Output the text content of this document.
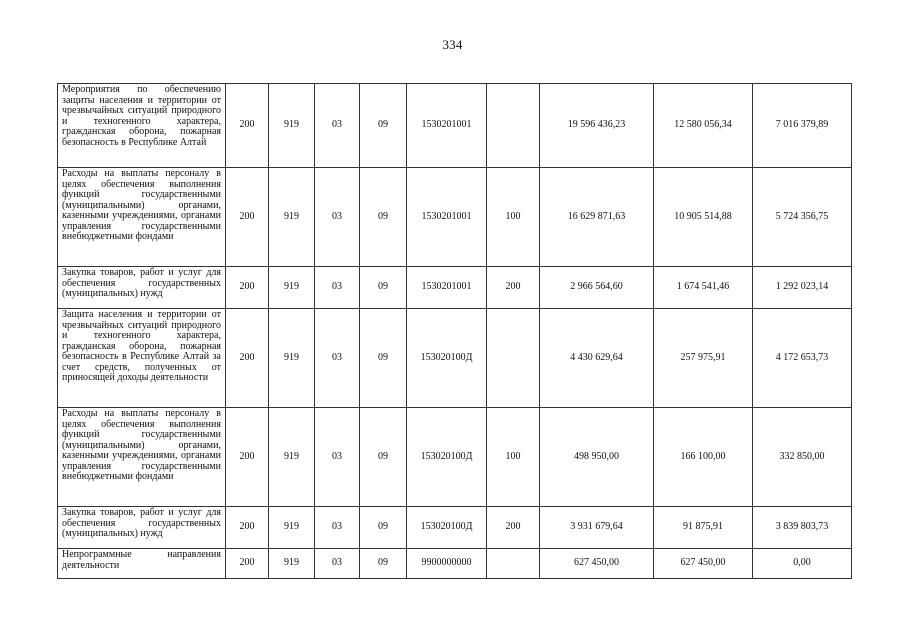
334
Мероприятия по обеспечению защиты населения и территории от чрезвычайных ситуаций природного и техногенного характера, гражданская оборона, пожарная безопасность в Республике Алтай	200	919	03	09	1530201001		19 596 436,23	12 580 056,34	7 016 379,89
Расходы на выплаты персоналу в целях обеспечения выполнения функций государственными (муниципальными) органами, казенными учреждениями, органами управления государственными внебюджетными фондами	200	919	03	09	1530201001	100	16 629 871,63	10 905 514,88	5 724 356,75
Закупка товаров, работ и услуг для обеспечения государственных (муниципальных) нужд	200	919	03	09	1530201001	200	2 966 564,60	1 674 541,46	1 292 023,14
Защита населения и территории от чрезвычайных ситуаций природного и техногенного характера, гражданская оборона, пожарная безопасность в Республике Алтай за счет средств, полученных от приносящей доходы деятельности	200	919	03	09	153020100Д		4 430 629,64	257 975,91	4 172 653,73
Расходы на выплаты персоналу в целях обеспечения выполнения функций государственными (муниципальными) органами, казенными учреждениями, органами управления государственными внебюджетными фондами	200	919	03	09	153020100Д	100	498 950,00	166 100,00	332 850,00
Закупка товаров, работ и услуг для обеспечения государственных (муниципальных) нужд	200	919	03	09	153020100Д	200	3 931 679,64	91 875,91	3 839 803,73
Непрограммные направления деятельности	200	919	03	09	9900000000		627 450,00	627 450,00	0,00
